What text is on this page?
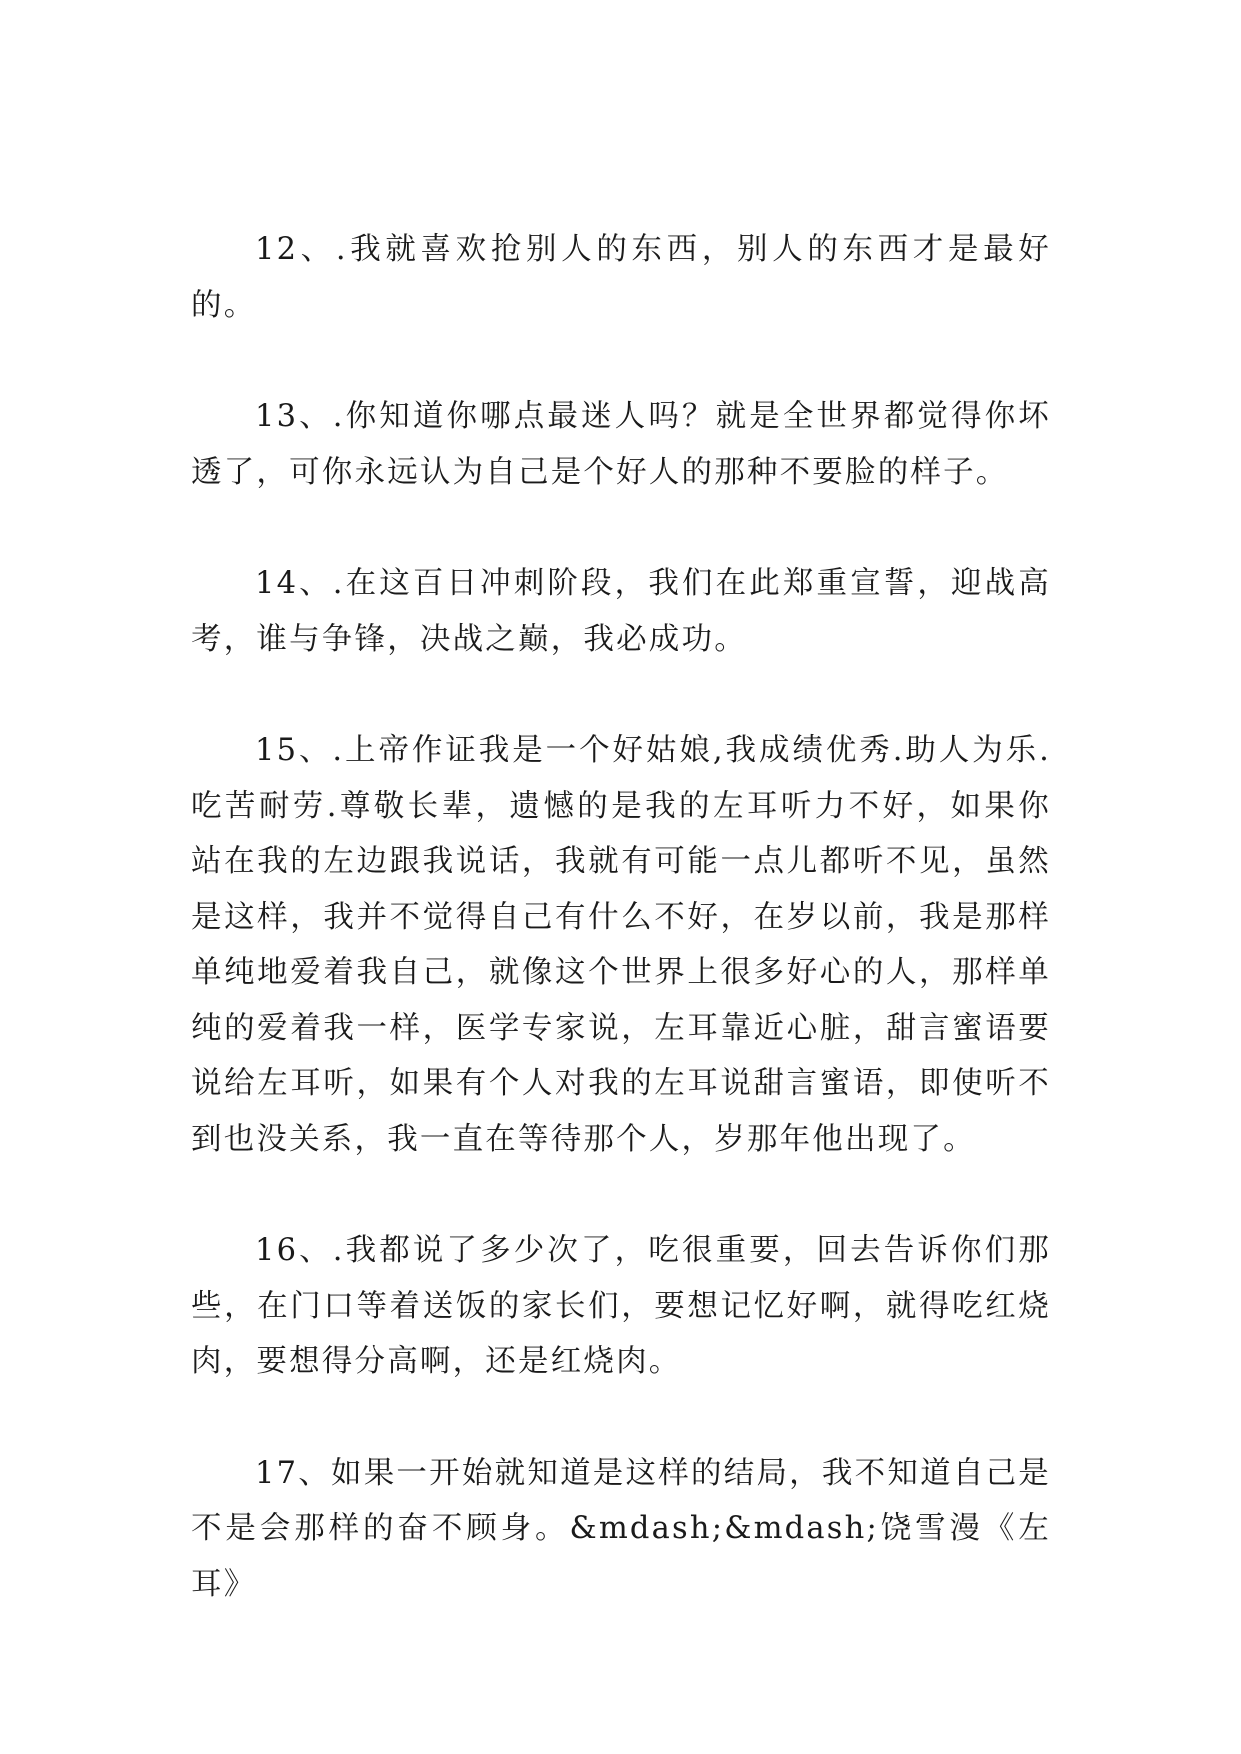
12、.我就喜欢抢别人的东西，别人的东西才是最好的。

13、.你知道你哪点最迷人吗？就是全世界都觉得你坏透了，可你永远认为自己是个好人的那种不要脸的样子。

14、.在这百日冲刺阶段，我们在此郑重宣誓，迎战高考，谁与争锋，决战之巅，我必成功。

15、.上帝作证我是一个好姑娘,我成绩优秀.助人为乐.吃苦耐劳.尊敬长辈，遗憾的是我的左耳听力不好，如果你站在我的左边跟我说话，我就有可能一点儿都听不见，虽然是这样，我并不觉得自己有什么不好，在岁以前，我是那样单纯地爱着我自己，就像这个世界上很多好心的人，那样单纯的爱着我一样，医学专家说，左耳靠近心脏，甜言蜜语要说给左耳听，如果有个人对我的左耳说甜言蜜语，即使听不到也没关系，我一直在等待那个人，岁那年他出现了。

16、.我都说了多少次了，吃很重要，回去告诉你们那些，在门口等着送饭的家长们，要想记忆好啊，就得吃红烧肉，要想得分高啊，还是红烧肉。

17、如果一开始就知道是这样的结局，我不知道自己是不是会那样的奋不顾身。&mdash;&mdash;饶雪漫《左耳》
